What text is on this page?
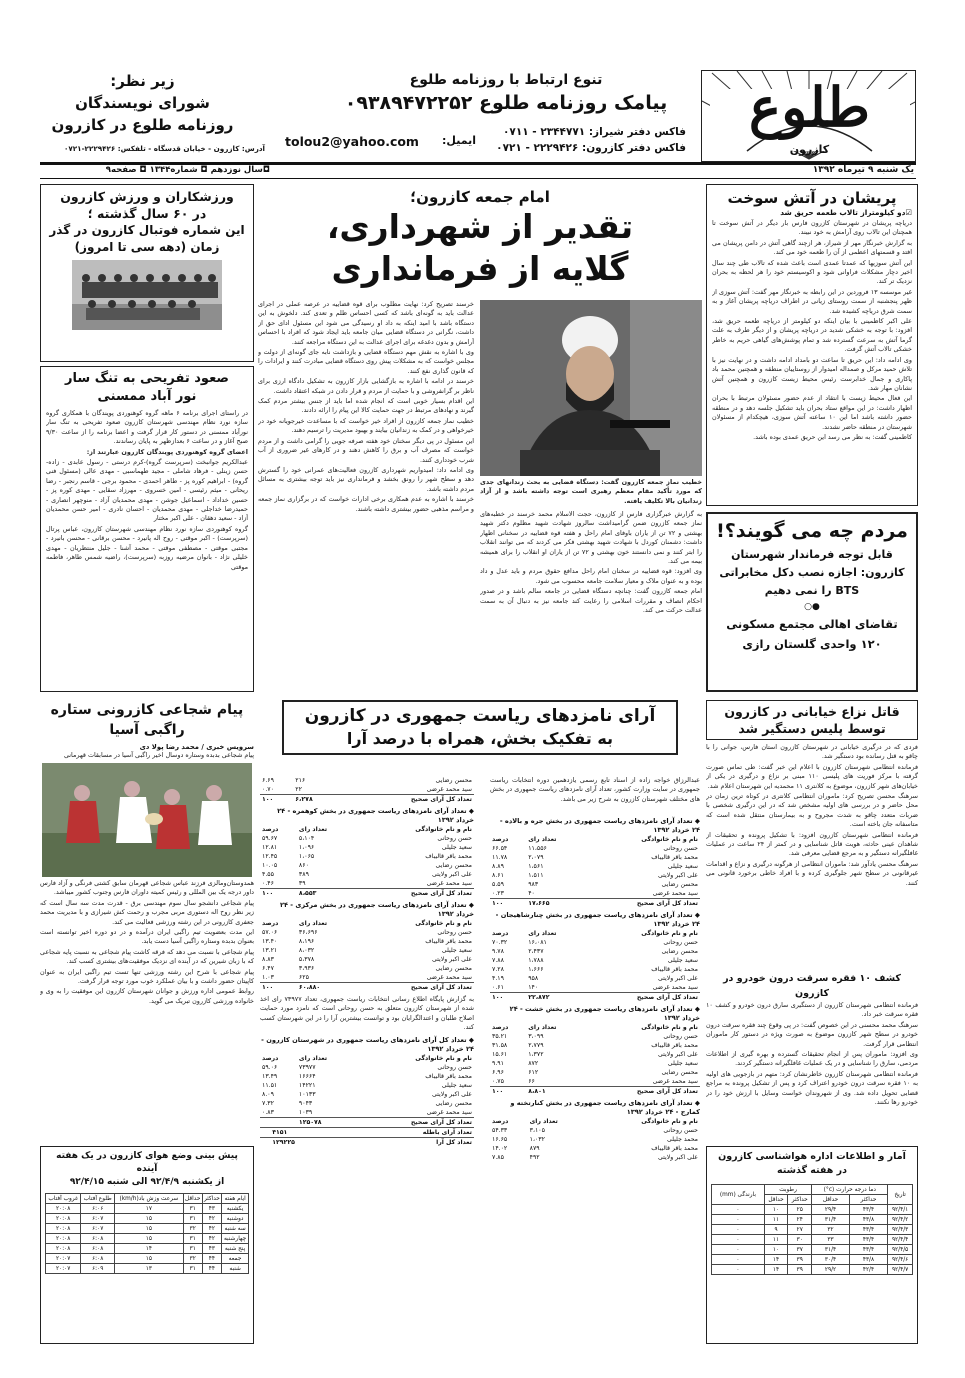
طلوع
کازرون
تنوع ارتباط با روزنامه طلوع
پیامک روزنامه طلوع ۰۹۳۸۹۴۷۲۲۵۲
فاکس دفتر شیراز: ۲۳۴۴۷۷۱ - ۰۷۱۱
فاکس دفتر کازرون: ۲۲۲۹۴۲۶ - ۰۷۲۱
ایمیل:
tolou2@yahoo.com
زیر نظر:
شورای نویسندگان
روزنامه طلوع در کازرون
آدرس: کازرون - خیابان قدسگاه - تلفکس: ۲۲۲۹۴۲۶-۰۷۲۱
یک شنبه ۹ تیرماه ۱۳۹۲
◘سال نوزدهم ◘ شماره۱۳۴۴ ◘ صفحه۹
پریشان در آتش سوخت
☑دو کیلومتراز تالاب طعمه حریق شد

دریاچه پریشان در شهرستان کازرون فارس بار دیگر در آتش سوخت تا همچنان این تالاب روی آرامش به خود نبیند.

به گزارش خبرنگار مهر از شیراز، هر ازچند گاهی آتش در دامن پریشان می افتد و قسمتهای اعظمی از آن را طعمه خود می کند.

این آتش سوزیها که عمدتا عمدی است باعث شده که تالاب طی چند سال اخیر دچار مشکلات فراوانی شود و اکوسیستم خود را هر لحظه به بحران نزدیک تر کند.

غیر موسسه ۱۳ فروردین در این رابطه به خبرنگار مهر گفت: آتش سوزی از ظهر پنجشنبه از سمت روستای زیانی در اطراف دریاچه پریشان آغاز و به سمت شرق دریاچه کشیده شد.

علی اکبر کاظمینی با بیان اینکه دو کیلومتر از دریاچه طعمه حریق شد، افزود: با توجه به خشکی شدید در دریاچه پریشان و از دیگر طرف به علت گرما آتش به سرعت گسترده شد و تمام پوشش‌های گیاهی حریم به خاطر خشکی تالاب آتش گرفت.

وی ادامه داد: این حریق تا ساعت دو بامداد ادامه داشت و در نهایت نیز با تلاش حمید مرکل و صمداله امیدوار از روستاییان منطقه و همچنین محمد باد پاکاری و جمال خدابرست رئیس محیط زیست کازرون و همچنین آتش نشانان مهار شد.

این فعال محیط زیست با انتقاد از عدم حضور مسئولان مرتبط با بحران اظهار داشت: در این مواقع ستاد بحران باید تشکیل جلسه دهد و در منطقه حضور داشته باشد اما این ۱۰ ساعته آتش سوزی، هیچکدام از مسئولان شهرستان در منطقه حاضر نشدند.

کاظمینی گفت: به نظر می رسد این حریق عمدی بوده باشد.

مردم چه می گویند؟!
قابل توجه فرماندار شهرستان کازرون: اجازه نصب دکل مخابراتی BTS را نمی دهیم
●○
تقاضای اهالی مجتمع مسکونی ۱۲۰ واحدی گلستان رازی
امام جمعه کازرون؛
تقدیر از شهرداری،
گلایه از فرمانداری
خطیب نماز جمعه کازرون گفت: دستگاه قضایی به بحث زندانهای جدی که مورد تأکید مقام معظم رهبری است توجه داشته باشد و از آزاد زندانیان بالا تکلیف یافته.

به گزارش خبرگزاری فارس از کازرون، حجت الاسلام محمد خرسند در خطبه‌های نماز جمعه کازرون ضمن گرامیداشت سالروز شهادت شهید مظلوم دکتر شهید بهشتی و ۷۲ تن از یاران باوفای امام راحل و هفته قوه قضاییه در سخنانی اظهار داشت: دشمنان کوردل با شهادت شهید بهشتی فکر می کردند که می توانند انقلاب را ابتر کنند و نمی دانستند خون بهشتی و ۷۲ تن از یاران او انقلاب را برای همیشه بیمه می کند.

وی افزود: قوه قضاییه در سخنان امام راحل مدافع حقوق مردم و باید عدل و داد بوده و به عنوان ملاک و معیار سلامت جامعه محسوب می شود.

امام جمعه کازرون گفت: چنانچه دستگاه قضایی در جامعه سالم باشد و در صدور احکام انصاف و مقررات اسلامی را رعایت کند جامعه نیز به دنبال آن به سمت عدالت حرکت می کند.

خرسند تصریح کرد: نهایت مطلوب برای قوه قضاییه در عرصه عملی در اجرای عدالت باید به گونه‌ای باشد که کسی احساس ظلم و تعدی کند. دلخوش به این دستگاه باشد با امید اینکه به داد او رسیدگی می شود این مسئول ادای حق از داشت، نگرانی در دستگاه قضایی میان جامعه باید ایجاد شود که افراد با احساس آرامش و بدون دغدغه برای اجرای عدالت به این دستگاه مراجعه کنند.

وی با اشاره به نقش مهم دستگاه قضایی و بازداشت نابه جای گونه‌ای از دولت و مجلس خواست که به مشکلات پیش روی دستگاه قضایی مبادرت کنند و ایرادات را که قانون گذاری نفع کنند.

خرسند در ادامه با اشاره به بازگشایی بازار کازرون به تشکیل دادگاه ارزی برای ناظر بر گرانفروشی و با حمایت از مردم و قرار دادن در شبکه اعتقاد داشت.

این اقدام بسیار خوبی است که انجام شده اما باید از جنس بیشتر مردم کمک گیرند و نهادهای مرتبط در جهت حمایت کالا این پیام را ارائه دادند.

خطیب نماز جمعه کازرون از افراد خیر خواست که با مساعدت خیرجویانه خود در خیرخواهی و در کمک به زندانیان بیایند و بهبود مدیریت را ترسیم دهند.

این مسئول در پی دیگر سخنان خود هفته صرفه جویی را گرامی داشت و از مردم خواست که مصرف آب و برق را کاهش دهند و در کارهای غیر ضروری از آب شرب خودداری کنند.

وی ادامه داد: امیدواریم شهرداری کازرون فعالیت‌های عمرانی خود را گسترش دهد و سطح شهر را رونق بخشد و فرمانداری نیز باید توجه بیشتری به مسائل مردم داشته باشد.

خرسند با اشاره به عدم همکاری برخی ادارات خواست که در برگزاری نماز جمعه و مراسم مذهبی حضور بیشتری داشته باشند.

ورزشکاران و ورزش کازرون
در ۶۰ سال گذشته ؛
این شماره فوتبال کازرون در گذر زمان (دهه سی تا امروز)
صعود تفریحی به تنگ سار
نور آباد ممسنی

در راستای اجرای برنامه ۶ ماهه گروه کوهنوردی پویندگان با همکاری گروه سازه نورد نظام مهندسی شهرستان کازرون صعود تفریحی به تنگ سار نورآباد ممسنی در دستور کار قرار گرفت و اعضا برنامه را از ساعت ۹/۳۰ صبح آغاز و در ساعت ۶ بعدازظهر به پایان رساندند.

اعضای گروه کوهنوردی پویندگان کازرون عبارتند از:

عبدالکریم جوانبخت (سرپرست گروه)-کرم درستی - رسول عابدی - زاده-حسن زینلی - فرهاد شاملی - مجید طهماسبی - مهدی عالی (مسئول فنی گروه) - ابراهیم کوره پز - طاهر احمدی - محمود برجی - قاسم رنجبر - رضا ریحانی - میثم رئیسی - امین خسروی - مهرزاد سقایی - مهدی کوره پز - حسین خداداد - اسماعیل جوشن - مهدی محمدیان آزاد - منوچهر انصاری - حمیدرضا خداجلی - مهدی محمدیان - احسان نادری - امیر حسن محمدیان آزاد - سعید دهقان - علی اکبر مختار

گروه کوهنوردی سازه نورد نظام مهندسی شهرستان کازرون، عباس پرتال (سرپرست) - اکبر موقتی - روح اله پانیرد - محسن برقانی - محسن بانیرد - مجتبی موقتی - مصطفی موقتی - محمد آشنا - جلیل منتظریان - مهدی خلیلی نژاد - بانوان مرضیه روزبه (سرپرست)، راضیه شمس طاهر، فاطمه موقتی

آرای نامزدهای ریاست جمهوری در کازرون
به تفکیک بخش، همراه با درصد آرا
عبدالرزاق خواجه زاده از اسناد تابع رسمی یازدهمین دوره انتخابات ریاست جمهوری در سایت وزارت کشور، تعداد آرای نامزدهای ریاست جمهوری در بخش های مختلف شهرستان کازرون به شرح زیر می باشد.
◆ تعداد آرای نامزدهای ریاست جمهوری در بخش جره و بالاده - ۲۴ خرداد ۱۳۹۲
نام و نام خانوادگی	تعداد رای	درصد
حسن روحانی	۱۱،۵۵۶	۶۶.۵۴
محمد باقر قالیباف	۲،۰۷۹	۱۱.۷۸
سعید جلیلی	۱،۵۶۱	۸.۸۹
علی اکبر ولایتی	۱،۵۱۱	۸.۶۱
محسن رضایی	۹۸۳	۵.۵۹
سید محمد غرضی	۴۰	۰.۲۳
تعداد کل آرای صحیح	۱۷،۶۶۵	۱۰۰
◆ تعداد آرای نامزدهای ریاست جمهوری در بخش چنارشاهیجان - ۲۴ خرداد ۱۳۹۲
نام و نام خانوادگی	تعداد رای	درصد
حسن روحانی	۱۶،۰۸۱	۷۰.۳۲
محسن رضایی	۲،۴۳۷	۹.۷۸
سعید جلیلی	۱،۷۸۸	۷.۸۸
محمد باقر قالیباف	۱،۶۶۶	۷.۲۸
علی اکبر ولایتی	۹۵۸	۴.۱۹
سید محمد غرضی	۱۴۰	۰.۶۱
تعداد کل آرای صحیح	۲۲،۸۷۲	۱۰۰
◆ تعداد آرای نامزدهای ریاست جمهوری در بخش خشت - ۲۴ خرداد ۱۳۹۲
نام و نام خانوادگی	تعداد رای	درصد
حسن روحانی	۳،۰۹۹	۳۵.۲۱
محمد باقر قالیباف	۲،۷۷۹	۳۱.۵۸
علی اکبر ولایتی	۱،۳۷۲	۱۵.۶۱
سعید جلیلی	۸۷۲	۹.۹۱
محسن رضایی	۶۱۲	۶.۹۶
سید محمد غرضی	۶۶	۰.۷۵
تعداد کل آرای صحیح	۸،۸۰۱	۱۰۰
◆ تعداد آرای نامزدهای ریاست جمهوری در بخش کنارتخته و کمارج - ۲۴ خرداد ۱۳۹۲
نام و نام خانوادگی	تعداد رای	درصد
حسن روحانی	۳،۱۰۵	۵۴.۳۳
محمد جلیلی	۱،۰۳۲	۱۶.۶۵
محمد باقر قالیباف	۸۷۹	۱۴.۰۲
علی اکبر ولایتی	۴۹۲	۷.۸۵
محسن رضایی	۲۱۶	۶.۶۹
سید محمد غرضی	۲۲	۰.۷۰
تعداد کل آرای صحیح	۶،۲۷۸	۱۰۰
◆ تعداد آرای نامزدهای ریاست جمهوری در بخش کوهمره - ۲۴ خرداد ۱۳۹۲
نام و نام خانوادگی	تعداد رای	درصد
حسن روحانی	۵،۱۰۴	۵۹.۶۷
سعید جلیلی	۱،۰۹۶	۱۲.۸۱
محمد باقر قالیباف	۱،۰۶۵	۱۲.۴۵
محسن رضایی	۸۶۰	۱۰.۰۵
علی اکبر ولایتی	۳۸۹	۴.۵۵
سید محمد غرضی	۳۹	۰.۴۶
تعداد کل آرای صحیح	۸،۵۵۳	۱۰۰
◆ تعداد آرای نامزدهای ریاست جمهوری در بخش مرکزی - ۲۴ خرداد ۱۳۹۲
نام و نام خانوادگی	تعداد رای	درصد
حسن روحانی	۳۶،۶۹۶	۵۷.۰۶
محمد باقر قالیباف	۸،۱۹۶	۱۳.۴۰
سعید جلیلی	۸،۰۳۲	۱۳.۲۱
علی اکبر ولایتی	۵،۳۷۸	۸.۸۳
محسن رضایی	۳،۹۳۶	۶.۴۷
سید محمد غرضی	۶۲۵	۱.۰۳
تعداد کل آرای صحیح	۶۰،۸۸۰	۱۰۰
به گزارش پایگاه اطلاع رسانی انتخابات ریاست جمهوری، تعداد ۷۳۹۷۷ رای اخذ شده از شهرستان کازرون متعلق به حسن روحانی است که نامزد مورد حمایت اصلاح طلبان و اعتدالگرایان بود و توانست بیشترین آرا را در این شهرستان کسب کند.
◆ تعداد کل آرای نامزدهای ریاست جمهوری در شهرستان کازرون - ۲۴ خرداد ۱۳۹۲
نام و نام خانوادگی	تعداد رای	درصد
حسن روحانی	۷۳۹۷۷	۵۹.۰۶
محمد باقر قالیباف	۱۶۶۶۴	۱۳.۴۹
سعید جلیلی	۱۴۲۲۱	۱۱.۵۱
علی اکبر ولایتی	۱۰۱۳۳	۸.۰۹
محسن رضایی	۹۰۴۳	۷.۳۲
سید محمد غرضی	۱۰۳۹	۰.۸۳
تعداد کل آرای صحیح	۱۲۵۰۷۸	
تعداد آرای باطله	۴۱۵۱	
تعداد کل آرا	۱۲۹۲۲۵	
پیام شجاعی کازرونی ستاره
راگبی آسیا
سرویس خبری / محمد رضا پولا دی
پیام شجاعی بدبده وستاره دوسال اخیر راگبی آسیا در مسابقات قهرمانی

همدوستان‌ومالزی فرزند عباس شجاعی قهرمان سابق کشتی فرنگی و آزاد فارس داور درجه یک بین المللی و رئیس کمیته داوران فارس وجنوب کشور میباشد.

پیام شجاعی دانشجو سال سوم مهندسی برق - قدرت مدت سه سال است که زیر نظر روح اله دستوری مربی مجرب و رحمت کش شیرازی و با مدیریت محمد جعفری کازرونی در این رشته ورزشی فعالیت می کند.

این مدت بعضویت تیم راگبی ایران درآمده و در دو دوره اخیر توانسته است بعنوان بدبده وستاره راگبی آسیا دست یابد.

پیام شجاعی با نسبت می دهد که فرقه کاشت پیام شجاعی به نسبت پایه شجاعی که با زبان شیرین که در آینده ای نزدیک موفقیت‌های بیشتری کسب کند.

پیام شجاعی با شرح این رشته ورزشی تنها تست تیم راگبی ایران به عنوان کاپیتان حضور داشت و با بیان عملکرد خوب مورد توجه قرار گرفت.

روابط عمومی اداره ورزش و جوانان شهرستان کازرون این موفقیت را به وی و خانواده ورزشی کازرون تبریک می گوید.

پیش بینی وضع هوای کازرون در یک هفته آینده
از یکشنبه ۹۲/۴/۹ الی شنبه ۹۲/۴/۱۵
ایام هفته	حداکثر	حداقل	سرعت وزش باد(km/h)	طلوع آفتاب	غروب آفتاب
یکشنبه	۴۳	۳۱	۱۷	۶:۰۶	۲۰:۰۸
دوشنبه	۴۲	۳۱	۱۵	۶:۰۷	۲۰:۰۸
سه شنبه	۴۲	۳۲	۱۵	۶:۰۷	۲۰:۰۸
چهارشنبه	۴۲	۳۱	۱۵	۶:۰۸	۲۰:۰۸
پنج شنبه	۴۳	۳۱	۱۴	۶:۰۸	۲۰:۰۸
جمعه	۴۴	۳۲	۱۵	۶:۰۸	۲۰:۰۷
شنبه	۴۴	۳۱	۱۳	۶:۰۹	۲۰:۰۷
قاتل نزاع خیابانی در کازرون
توسط پلیس دستگیر شد

فردی که در درگیری خیابانی در شهرستان کازرون استان فارس، جوانی را با چاقو به قتل رسانده بود دستگیر شد.

فرمانده انتظامی شهرستان کازرون با اعلام این خبر گفت: طی تماس صورت گرفته با مرکز فوریت های پلیسی ۱۱۰ مبنی بر نزاع و درگیری در یکی از خیابان‌های شهر کازرون، موضوع به کلانتری ۱۱ محمدیه این شهرستان اعلام شد.

سرهنگ محسن تصریح کرد: ماموران انتظامی کلانتری در کوتاه ترین زمان در محل حاضر و در بررسی های اولیه مشخص شد که در این درگیری شخصی با ضربات متعدد چاقو به شدت مجروح و به بیمارستان منتقل شده است که متاسفانه جان باخته است.

فرمانده انتظامی شهرستان کازرون افزود: با تشکیل پرونده و تحقیقات از شاهدان عینی حادثه، هویت قاتل شناسایی و در کمتر از ۲۴ ساعت در عملیات غافلگیرانه دستگیر و به مرجع قضایی معرفی شد.

سرهنگ محسن یادآور شد: ماموران انتظامی از هرگونه درگیری و نزاع و اقدامات غیرقانونی در سطح شهر جلوگیری کرده و با افراد خاطی برخورد قانونی می کنند.

کشف ۱۰ فقره سرقت درون خودرو در کازرون

فرمانده انتظامی شهرستان کازرون از دستگیری سارق درون خودرو و کشف ۱۰ فقره سرقت خبر داد.

سرهنگ محمد محسنی در این خصوص گفت: در پی وقوع چند فقره سرقت درون خودرو در سطح شهر کازرون موضوع به صورت ویژه در دستور کار ماموران انتظامی قرار گرفت.

وی افزود: ماموران پس از انجام تحقیقات گسترده و بهره گیری از اطلاعات مردمی، سارق را شناسایی و در یک عملیات غافلگیرانه دستگیر کردند.

فرمانده انتظامی شهرستان کازرون خاطرنشان کرد: متهم در بازجویی های اولیه به ۱۰ فقره سرقت درون خودرو اعتراف کرد و پس از تشکیل پرونده به مراجع قضایی تحویل داده شد. وی از شهروندان خواست وسایل با ارزش خود را در خودرو رها نکنند.

آمار و اطلاعات اداره هواشناسی کازرون
در هفته گذشته
تاریخ	دما درجه حرارت (c°)		رطوبت		بارندگی (mm)
	حداکثر	حداقل	حداکثر	حداقل	
۹۲/۴/۱	۴۳/۴	۲۹/۴	۲۵	۱۰	۰
۹۲/۴/۲	۴۳/۸	۳۱/۴	۲۴	۱۱	۰
۹۲/۴/۳	۴۳/۴	۳۲	۲۷	۹	۰
۹۲/۴/۴	۴۳/۴	۳۳	۳۰	۱۱	۰
۹۲/۴/۵	۴۳/۴	۳۱/۴	۳۷	۱۰	۰
۹۲/۴/۶	۴۳/۸	۳۰/۴	۳۹	۱۴	۰
۹۲/۴/۷	۴۲/۴	۲۹/۲	۳۹	۱۴	۰
